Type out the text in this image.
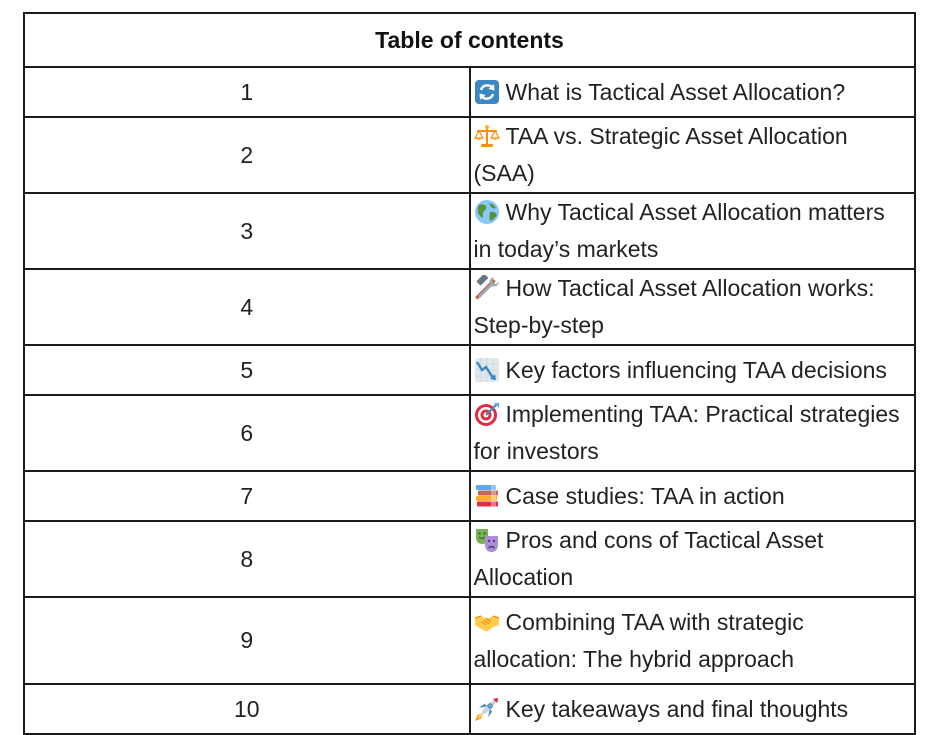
Table of contents	
1	What is Tactical Asset Allocation?
2	TAA vs. Strategic Asset Allocation (SAA)
3	Why Tactical Asset Allocation matters in today’s markets
4	How Tactical Asset Allocation works: Step-by-step
5	Key factors influencing TAA decisions
6	Implementing TAA: Practical strategies for investors
7	Case studies: TAA in action
8	Pros and cons of Tactical Asset Allocation
9	Combining TAA with strategic allocation: The hybrid approach
10	Key takeaways and final thoughts
